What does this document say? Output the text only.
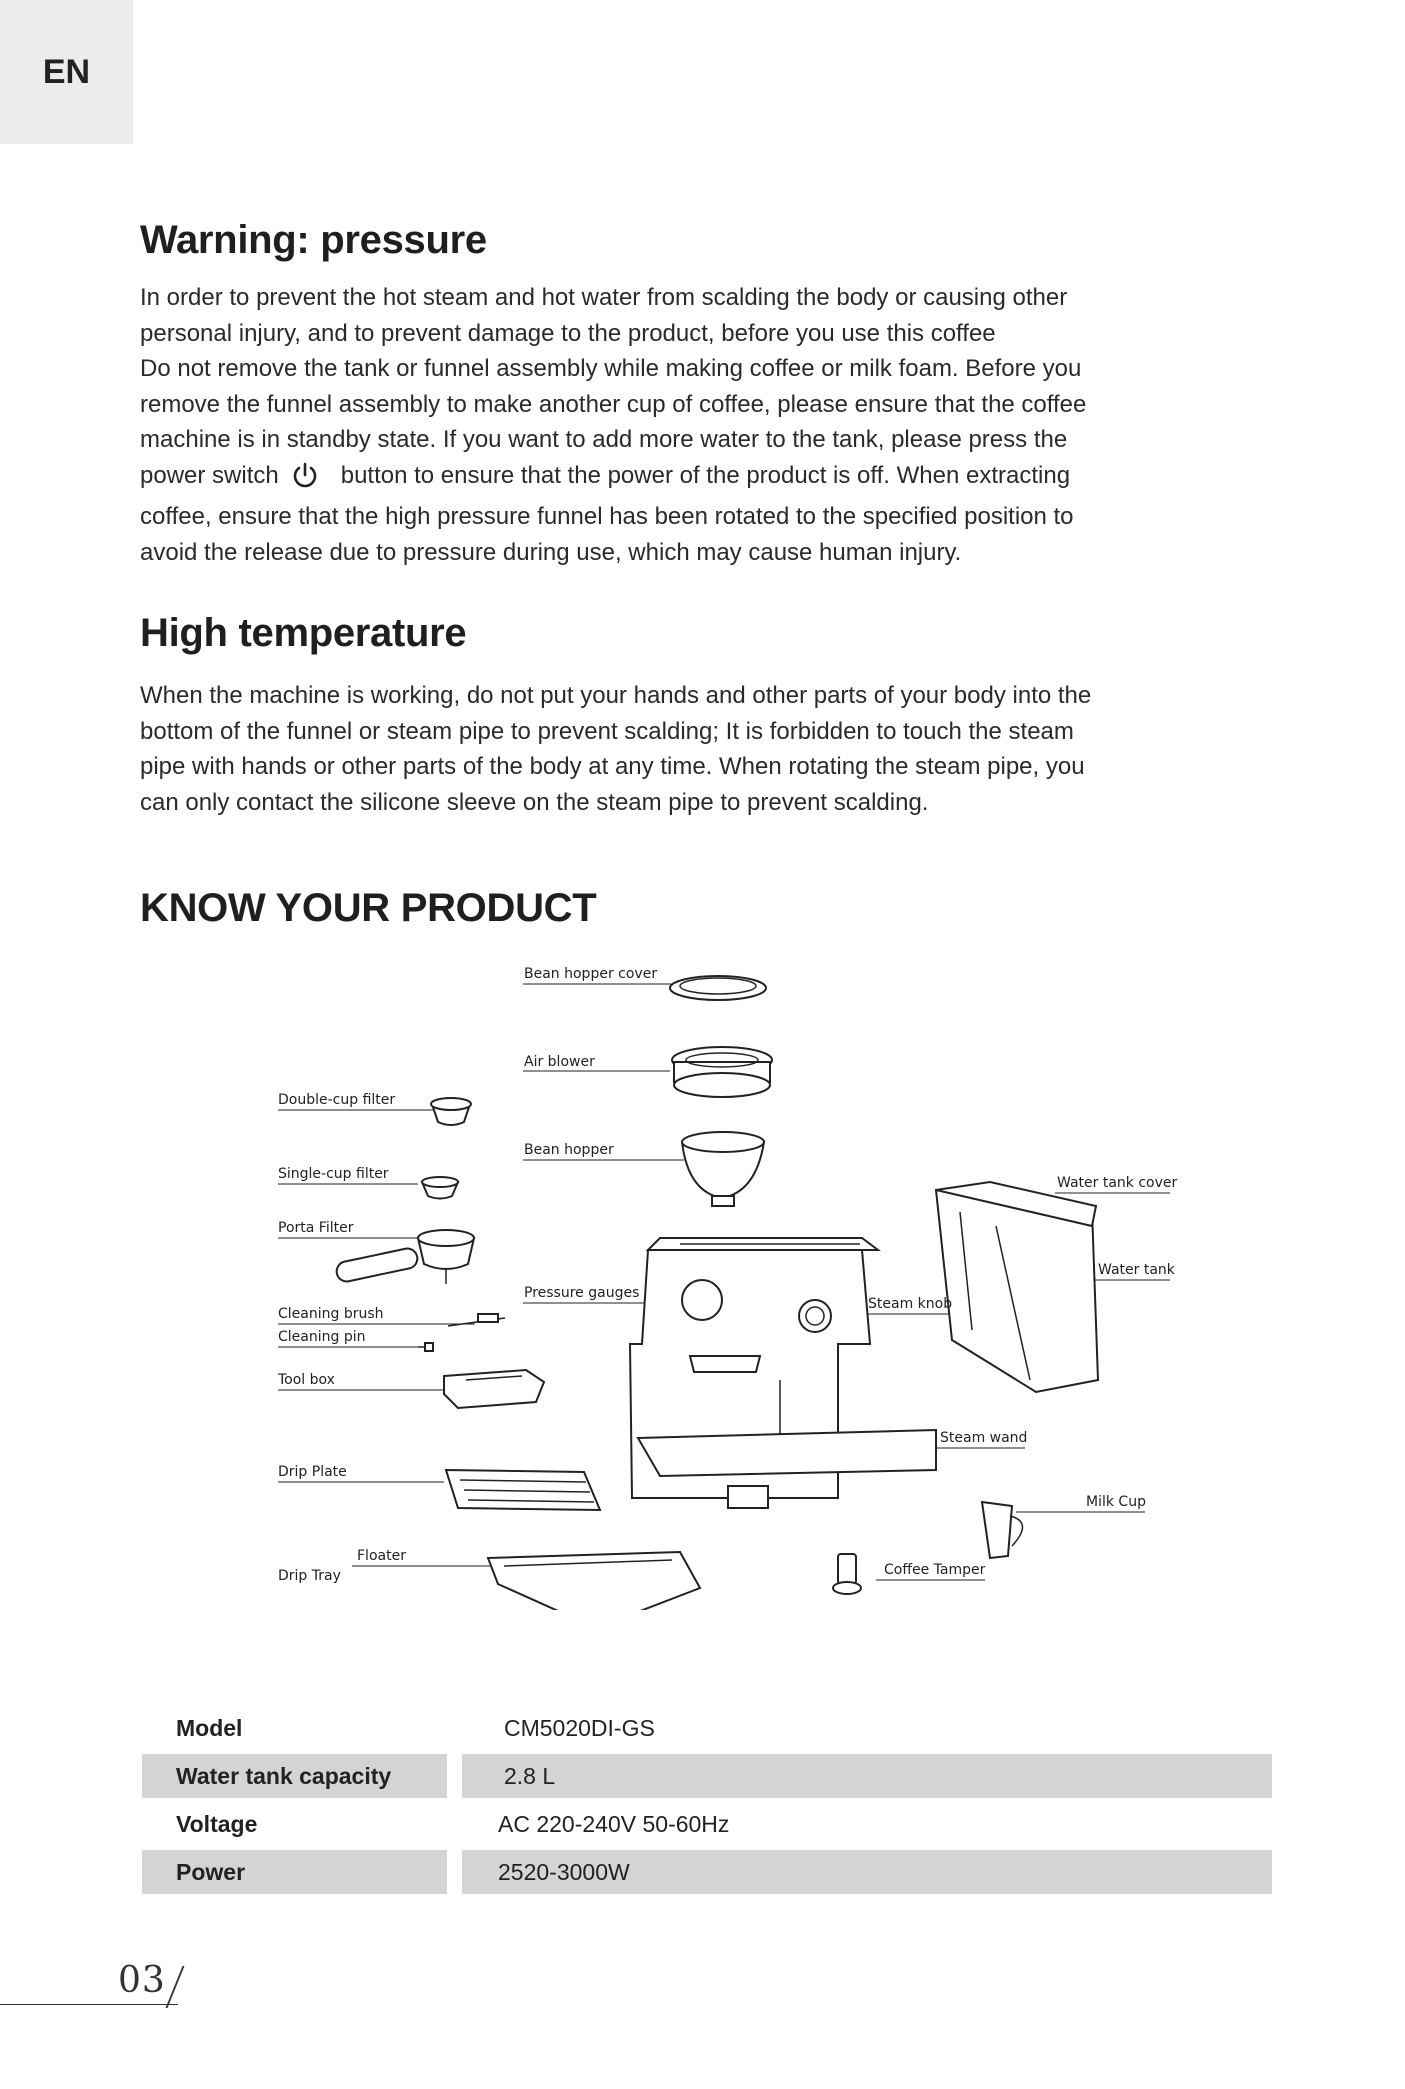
EN
Warning: pressure
In order to prevent the hot steam and hot water from scalding the body or causing other
personal injury, and to prevent damage to the product, before you use this coffee
Do not remove the tank or funnel assembly while making coffee or milk foam. Before you
remove the funnel assembly to make another cup of coffee, please ensure that the coffee
machine is in standby state. If you want to add more water to the tank, please press the
power switch	button to ensure that the power of the product is off. When extracting
coffee, ensure that the high pressure funnel has been rotated to the specified position to
avoid the release due to pressure during use, which may cause human injury.
High temperature
When the machine is working, do not put your hands and other parts of your body into the
bottom of the funnel or steam pipe to prevent scalding; It is forbidden to touch the steam
pipe with hands or other parts of the body at any time. When rotating the steam pipe, you
can only contact the silicone sleeve on the steam pipe to prevent scalding.
KNOW YOUR PRODUCT
Bean hopper cover
Air blower
Double-cup filter
Bean hopper
Single-cup filter
Water tank cover
Porta Filter
Water tank
Pressure gauges
Steam knob
Cleaning brush
Cleaning pin
Tool box
Steam wand
Drip Plate
Milk Cup
Floater
Drip Tray	Coffee Tamper
Model	CM5020DI-GS
Water tank capacity	2.8 L
Voltage	AC 220-240V 50-60Hz
Power	2520-3000W
03
